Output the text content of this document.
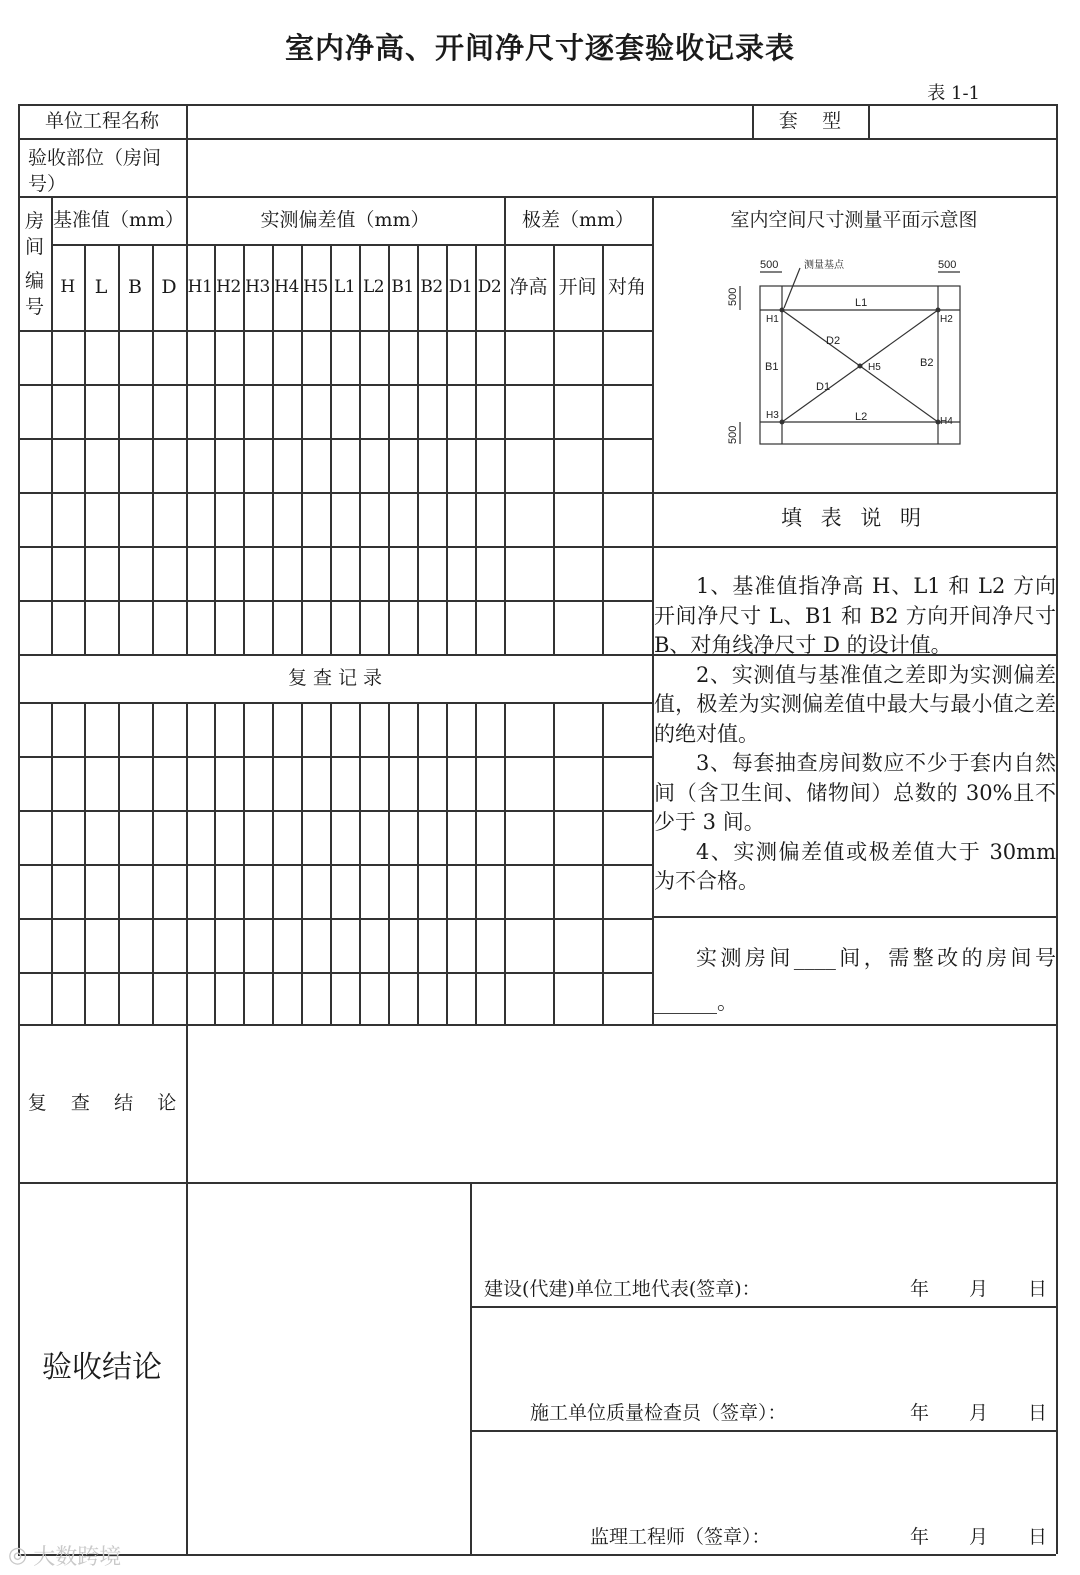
室内净高、开间净尺寸逐套验收记录表
表 1-1
单位工程名称	套    型
验收部位（房间
号）
房
间
编
号
基准值（mm）	实测偏差值（mm）	极差（mm）
H	L	B	D H1 H2 H3 H4 H5 L1 L2 B1 B2 D1 D2 净高 开间 对角
室内空间尺寸测量平面示意图
500	500
500
500
测量基点
L1
L2
B1	B2
D1
D2
H1	H2
H3
H4
H5
填 表 说 明

1、基准值指净高 H、L1 和 L2 方向开间净尺寸 L、B1 和 B2 方向开间净尺寸 B、对角线净尺寸 D 的设计值。

2、实测值与基准值之差即为实测偏差值，极差为实测偏差值中最大与最小值之差的绝对值。

3、每套抽查房间数应不少于套内自然间（含卫生间、储物间）总数的 30%且不少于 3 间。

4、实测偏差值或极差值大于 30mm 为不合格。

实测房间____间，需整改的房间号______。
复 查 记 录
复    查    结    论
验收结论
建设(代建)单位工地代表(签章)：	年 月 日
施工单位质量检查员（签章）：	年 月 日
监理工程师（签章）：	年 月 日
◎ 大数跨境
